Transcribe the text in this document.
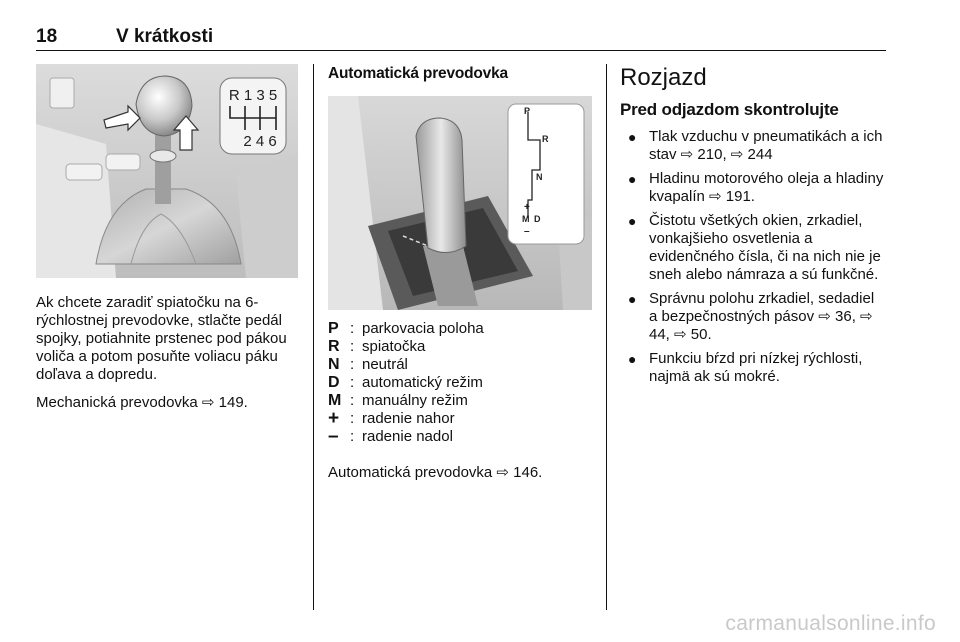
18	V krátkosti
R 1 3 5
2 4 6

Ak chcete zaradiť spiatočku na 6-rýchlostnej prevodovke, stlačte pedál spojky, potiahnite prstenec pod pákou voliča a potom posuňte voliacu páku doľava a dopredu.

Mechanická prevodovka ⇨ 149.

Automatická prevodovka
P
R
N
+
M D
–
P : parkovacia poloha
R : spiatočka
N : neutrál
D : automatický režim
M : manuálny režim
+ : radenie nahor
– : radenie nadol

Automatická prevodovka ⇨ 146.

Rozjazd
Pred odjazdom skontrolujte
● Tlak vzduchu v pneumatikách a ich stav ⇨ 210, ⇨ 244
● Hladinu motorového oleja a hladiny kvapalín ⇨ 191.
● Čistotu všetkých okien, zrkadiel, vonkajšieho osvetlenia a evidenčného čísla, či na nich nie je sneh alebo námraza a sú funkčné.
● Správnu polohu zrkadiel, sedadiel a bezpečnostných pásov ⇨ 36, ⇨ 44, ⇨ 50.
● Funkciu bŕzd pri nízkej rýchlosti, najmä ak sú mokré.
carmanualsonline.info
